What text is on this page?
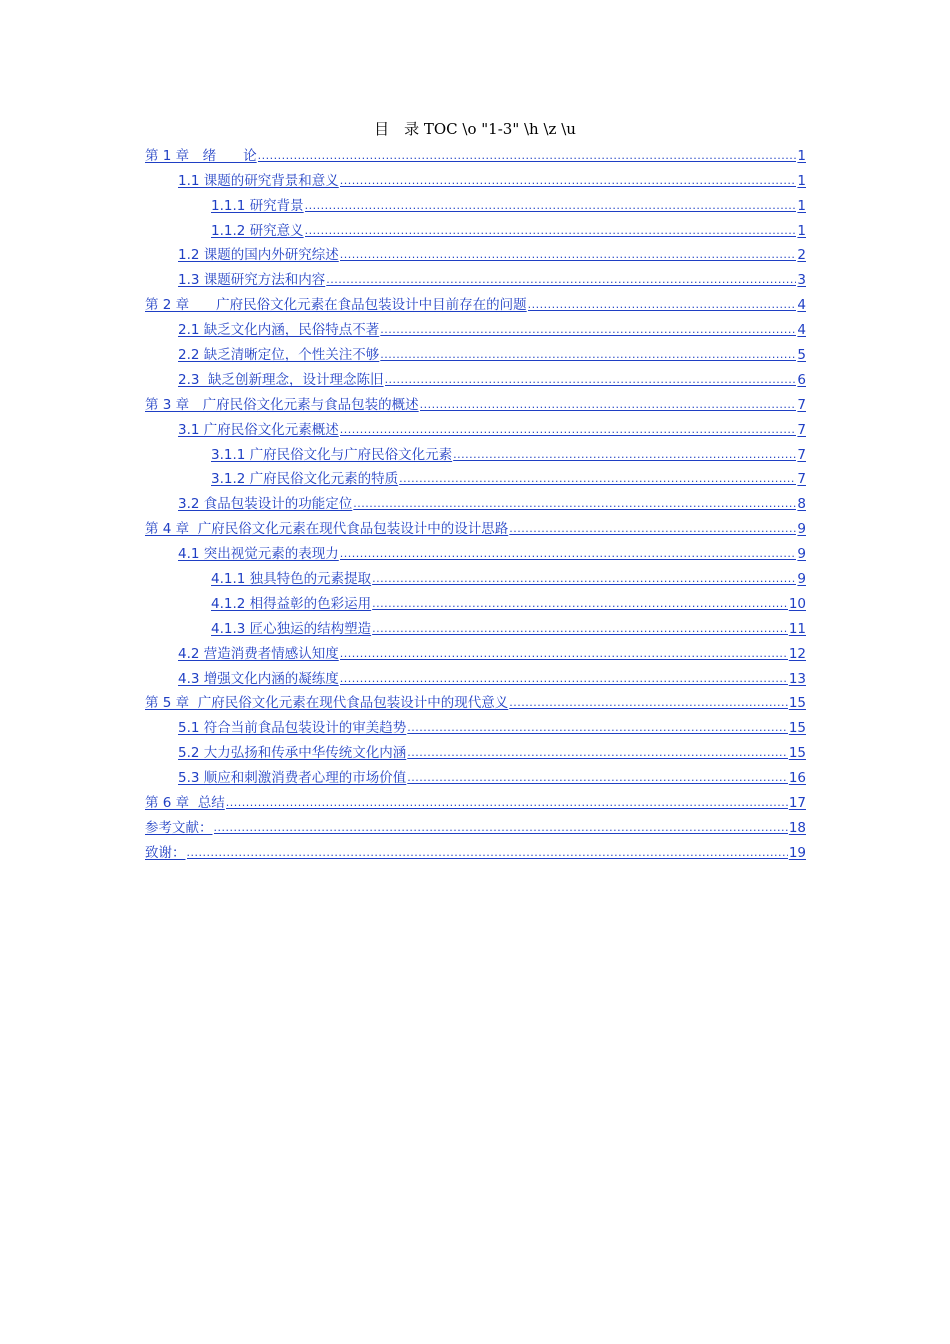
目　录 TOC \o "1-3" \h \z \u
第 1 章　绪　　论 .....	1
1.1 课题的研究背景和意义 .....	1
1.1.1 研究背景 .....	1
1.1.2 研究意义 .....	1
1.2 课题的国内外研究综述 .....	2
1.3 课题研究方法和内容 .....	3
第 2 章　　广府民俗文化元素在食品包装设计中目前存在的问题 .....	4
2.1 缺乏文化内涵，民俗特点不著 .....	4
2.2 缺乏清晰定位，个性关注不够 .....	5
2.3  缺乏创新理念，设计理念陈旧 .....	6
第 3 章　广府民俗文化元素与食品包装的概述 .....	7
3.1 广府民俗文化元素概述 .....	7
3.1.1 广府民俗文化与广府民俗文化元素 .....	7
3.1.2 广府民俗文化元素的特质 .....	7
3.2 食品包装设计的功能定位 .....	8
第 4 章  广府民俗文化元素在现代食品包装设计中的设计思路 .....	9
4.1 突出视觉元素的表现力 .....	9
4.1.1 独具特色的元素提取 .....	9
4.1.2 相得益彰的色彩运用 .....	10
4.1.3 匠心独运的结构塑造 .....	11
4.2 营造消费者情感认知度 .....	12
4.3 增强文化内涵的凝练度 .....	13
第 5 章  广府民俗文化元素在现代食品包装设计中的现代意义 .....	15
5.1 符合当前食品包装设计的审美趋势 .....	15
5.2 大力弘扬和传承中华传统文化内涵 .....	15
5.3 顺应和刺激消费者心理的市场价值 .....	16
第 6 章  总结 .....	17
参考文献： .....	18
致谢： .....	19
